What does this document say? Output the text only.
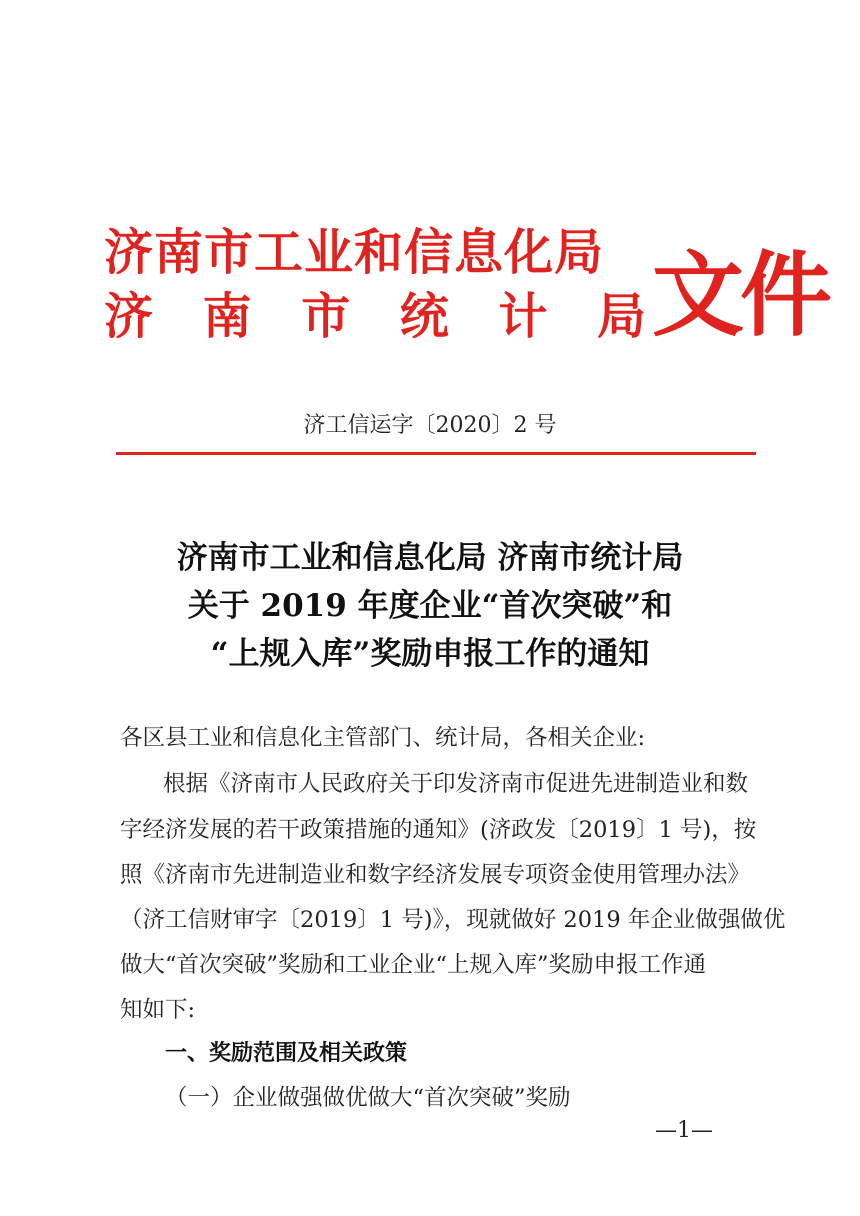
济南市工业和信息化局
济 南 市 统 计 局 文件
济工信运字〔2020〕2 号
济南市工业和信息化局 济南市统计局
关于 2019 年度企业“首次突破”和
“上规入库”奖励申报工作的通知
各区县工业和信息化主管部门、统计局，各相关企业:
根据《济南市人民政府关于印发济南市促进先进制造业和数
字经济发展的若干政策措施的通知》(济政发〔2019〕1 号)，按
照《济南市先进制造业和数字经济发展专项资金使用管理办法》
（济工信财审字〔2019〕1 号)》，现就做好 2019 年企业做强做优
做大“首次突破”奖励和工业企业“上规入库”奖励申报工作通
知如下:
一、奖励范围及相关政策
（一）企业做强做优做大“首次突破”奖励
—1—
